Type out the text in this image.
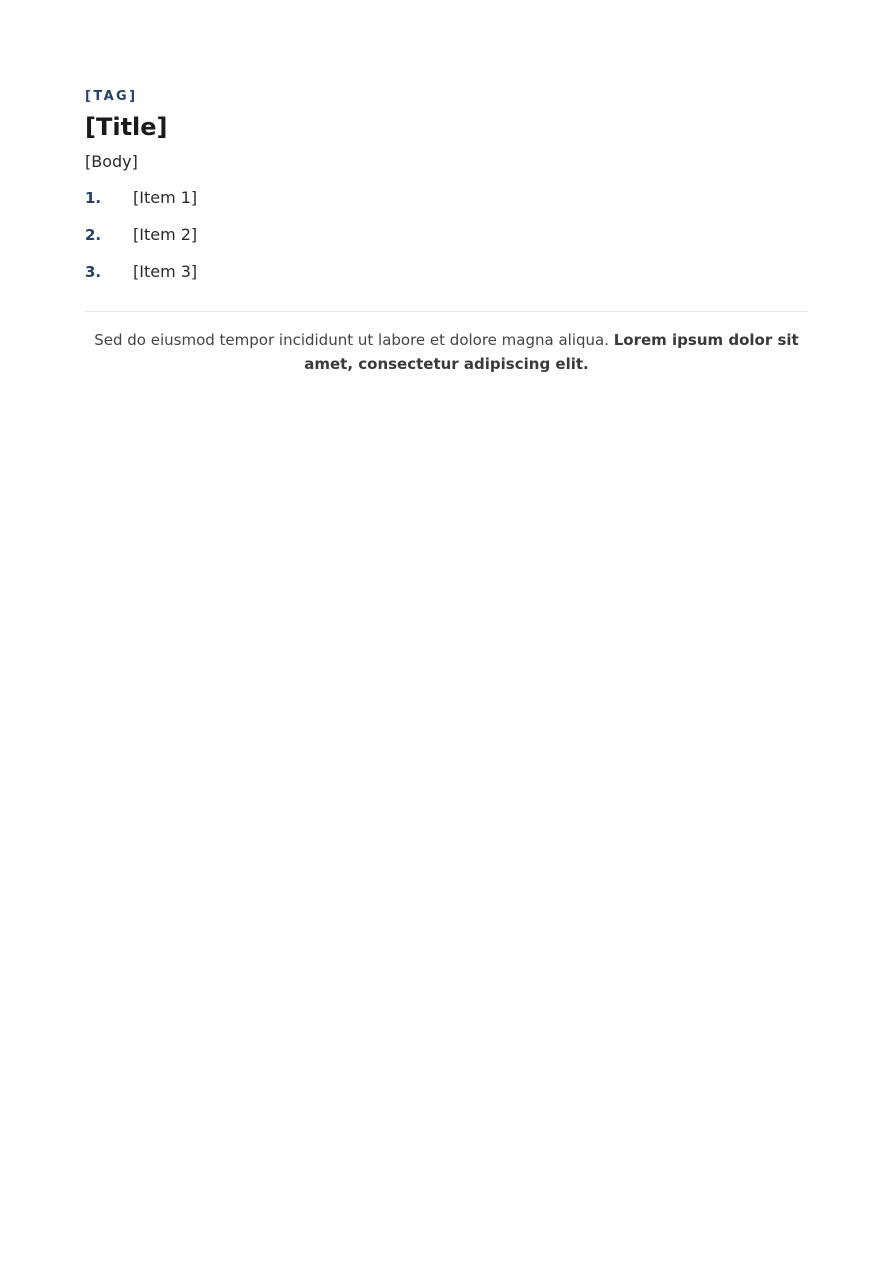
[TAG]
[Title]

[Body]

1.	[Item 1]
2.	[Item 2]
3.	[Item 3]

Sed do eiusmod tempor incididunt ut labore et dolore magna aliqua. Lorem ipsum dolor sit amet, consectetur adipiscing elit.
